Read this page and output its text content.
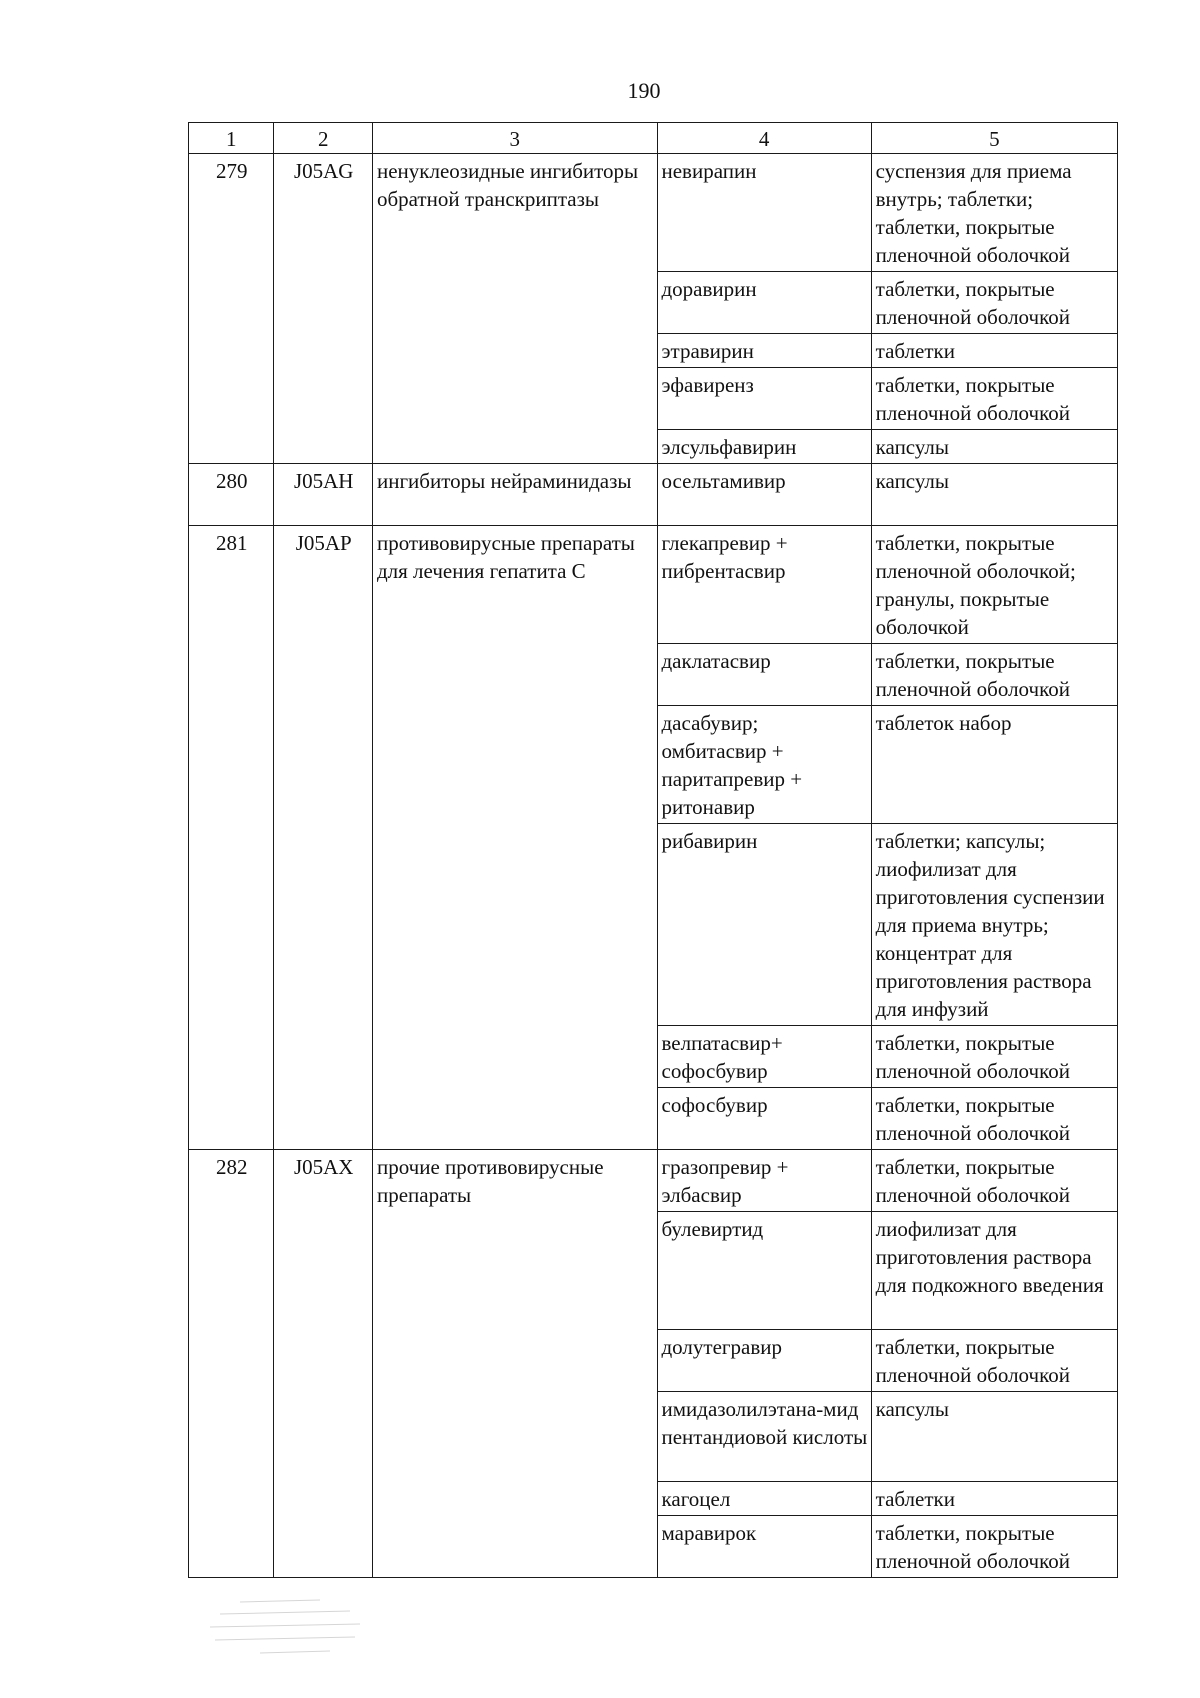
190
1	2	3	4	5
279	J05AG	ненуклеозидные ингибиторы обратной транскриптазы	невирапин	суспензия для приема внутрь; таблетки; таблетки, покрытые пленочной оболочкой
			доравирин	таблетки, покрытые пленочной оболочкой
			этравирин	таблетки
			эфавиренз	таблетки, покрытые пленочной оболочкой
			элсульфавирин	капсулы
280	J05AH	ингибиторы нейраминидазы	осельтамивир	капсулы
281	J05AP	противовирусные препараты для лечения гепатита С	глекапревир + пибрентасвир	таблетки, покрытые пленочной оболочкой; гранулы, покрытые оболочкой
			даклатасвир	таблетки, покрытые пленочной оболочкой
			дасабувир; омбитасвир + паритапревир + ритонавир	таблеток набор
			рибавирин	таблетки; капсулы; лиофилизат для приготовления суспензии для приема внутрь; концентрат для приготовления раствора для инфузий
			велпатасвир+ софосбувир	таблетки, покрытые пленочной оболочкой
			софосбувир	таблетки, покрытые пленочной оболочкой
282	J05AX	прочие противовирусные препараты	гразопревир + элбасвир	таблетки, покрытые пленочной оболочкой
			булевиртид	лиофилизат для приготовления раствора для подкожного введения
			долутегравир	таблетки, покрытые пленочной оболочкой
			имидазолилэтана-мид пентандиовой кислоты	капсулы
			кагоцел	таблетки
			маравирок	таблетки, покрытые пленочной оболочкой
